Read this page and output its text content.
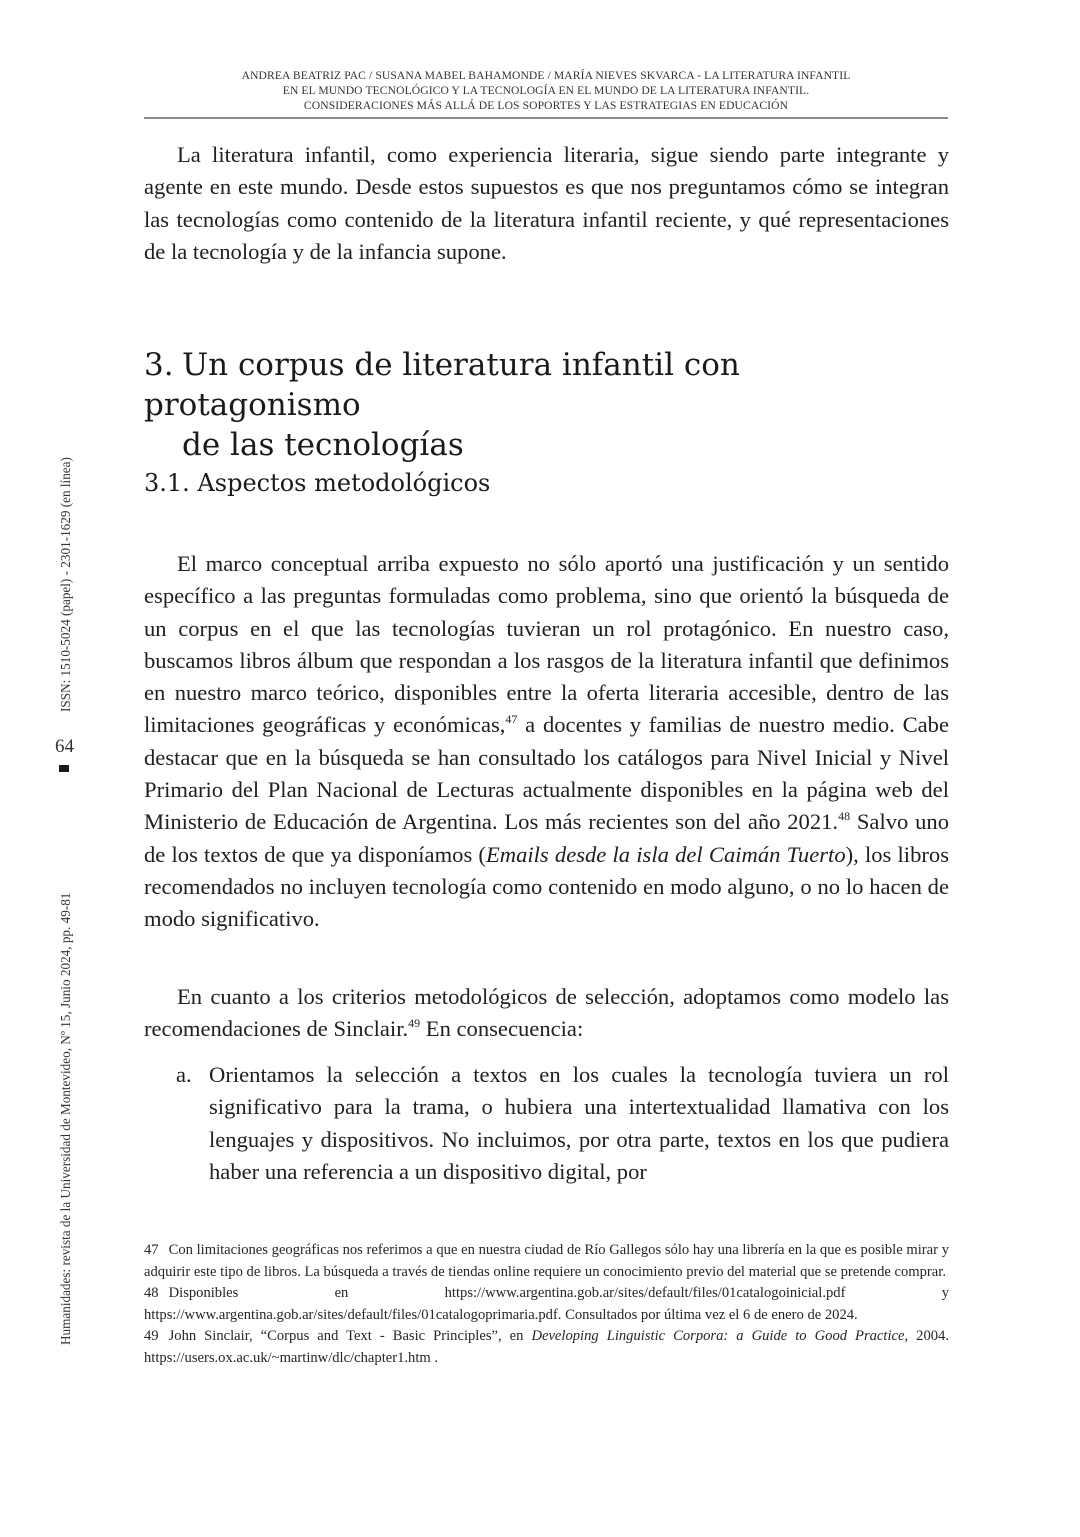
ANDREA BEATRIZ PAC / SUSANA MABEL BAHAMONDE / MARÍA NIEVES SKVARCA - LA LITERATURA INFANTIL
EN EL MUNDO TECNOLÓGICO Y LA TECNOLOGÍA EN EL MUNDO DE LA LITERATURA INFANTIL.
CONSIDERACIONES MÁS ALLÁ DE LOS SOPORTES Y LAS ESTRATEGIAS EN EDUCACIÓN
ISSN: 1510-5024 (papel) - 2301-1629 (en línea)
64
Humanidades: revista de la Universidad de Montevideo, Nº 15, Junio 2024, pp. 49-81

La literatura infantil, como experiencia literaria, sigue siendo parte integrante y agente en este mundo. Desde estos supuestos es que nos preguntamos cómo se integran las tecnologías como contenido de la literatura infantil reciente, y qué representaciones de la tecnología y de la infancia supone.

3. Un corpus de literatura infantil con protagonismo
de las tecnologías
3.1. Aspectos metodológicos

El marco conceptual arriba expuesto no sólo aportó una justificación y un sentido específico a las preguntas formuladas como problema, sino que orientó la búsqueda de un corpus en el que las tecnologías tuvieran un rol protagónico. En nuestro caso, buscamos libros álbum que respondan a los rasgos de la literatura infantil que definimos en nuestro marco teórico, disponibles entre la oferta literaria accesible, dentro de las limitaciones geográficas y económicas,$^{47}$ a docentes y familias de nuestro medio. Cabe destacar que en la búsqueda se han consultado los catálogos para Nivel Inicial y Nivel Primario del Plan Nacional de Lecturas actualmente disponibles en la página web del Ministerio de Educación de Argentina. Los más recientes son del año 2021.48 Salvo uno de los textos de que ya disponíamos (Emails desde la isla del Caimán Tuerto), los libros recomendados no incluyen tecnología como contenido en modo alguno, o no lo hacen de modo significativo.

En cuanto a los criterios metodológicos de selección, adoptamos como modelo las recomendaciones de Sinclair.$^{49}$ En consecuencia:

a. Orientamos la selección a textos en los cuales la tecnología tuviera un rol significativo para la trama, o hubiera una intertextualidad llamativa con los lenguajes y dispositivos. No incluimos, por otra parte, textos en los que pudiera haber una referencia a un dispositivo digital, por

47 Con limitaciones geográficas nos referimos a que en nuestra ciudad de Río Gallegos sólo hay una librería en la que es posible mirar y adquirir este tipo de libros. La búsqueda a través de tiendas online requiere un conocimiento previo del material que se pretende comprar.

48 Disponibles en https://www.argentina.gob.ar/sites/default/files/01catalogoinicial.pdf y https://www.argentina.gob.ar/sites/default/files/01catalogoprimaria.pdf. Consultados por última vez el 6 de enero de 2024.

49 John Sinclair, “Corpus and Text - Basic Principles”, en Developing Linguistic Corpora: a Guide to Good Practice, 2004. https://users.ox.ac.uk/~martinw/dlc/chapter1.htm .
